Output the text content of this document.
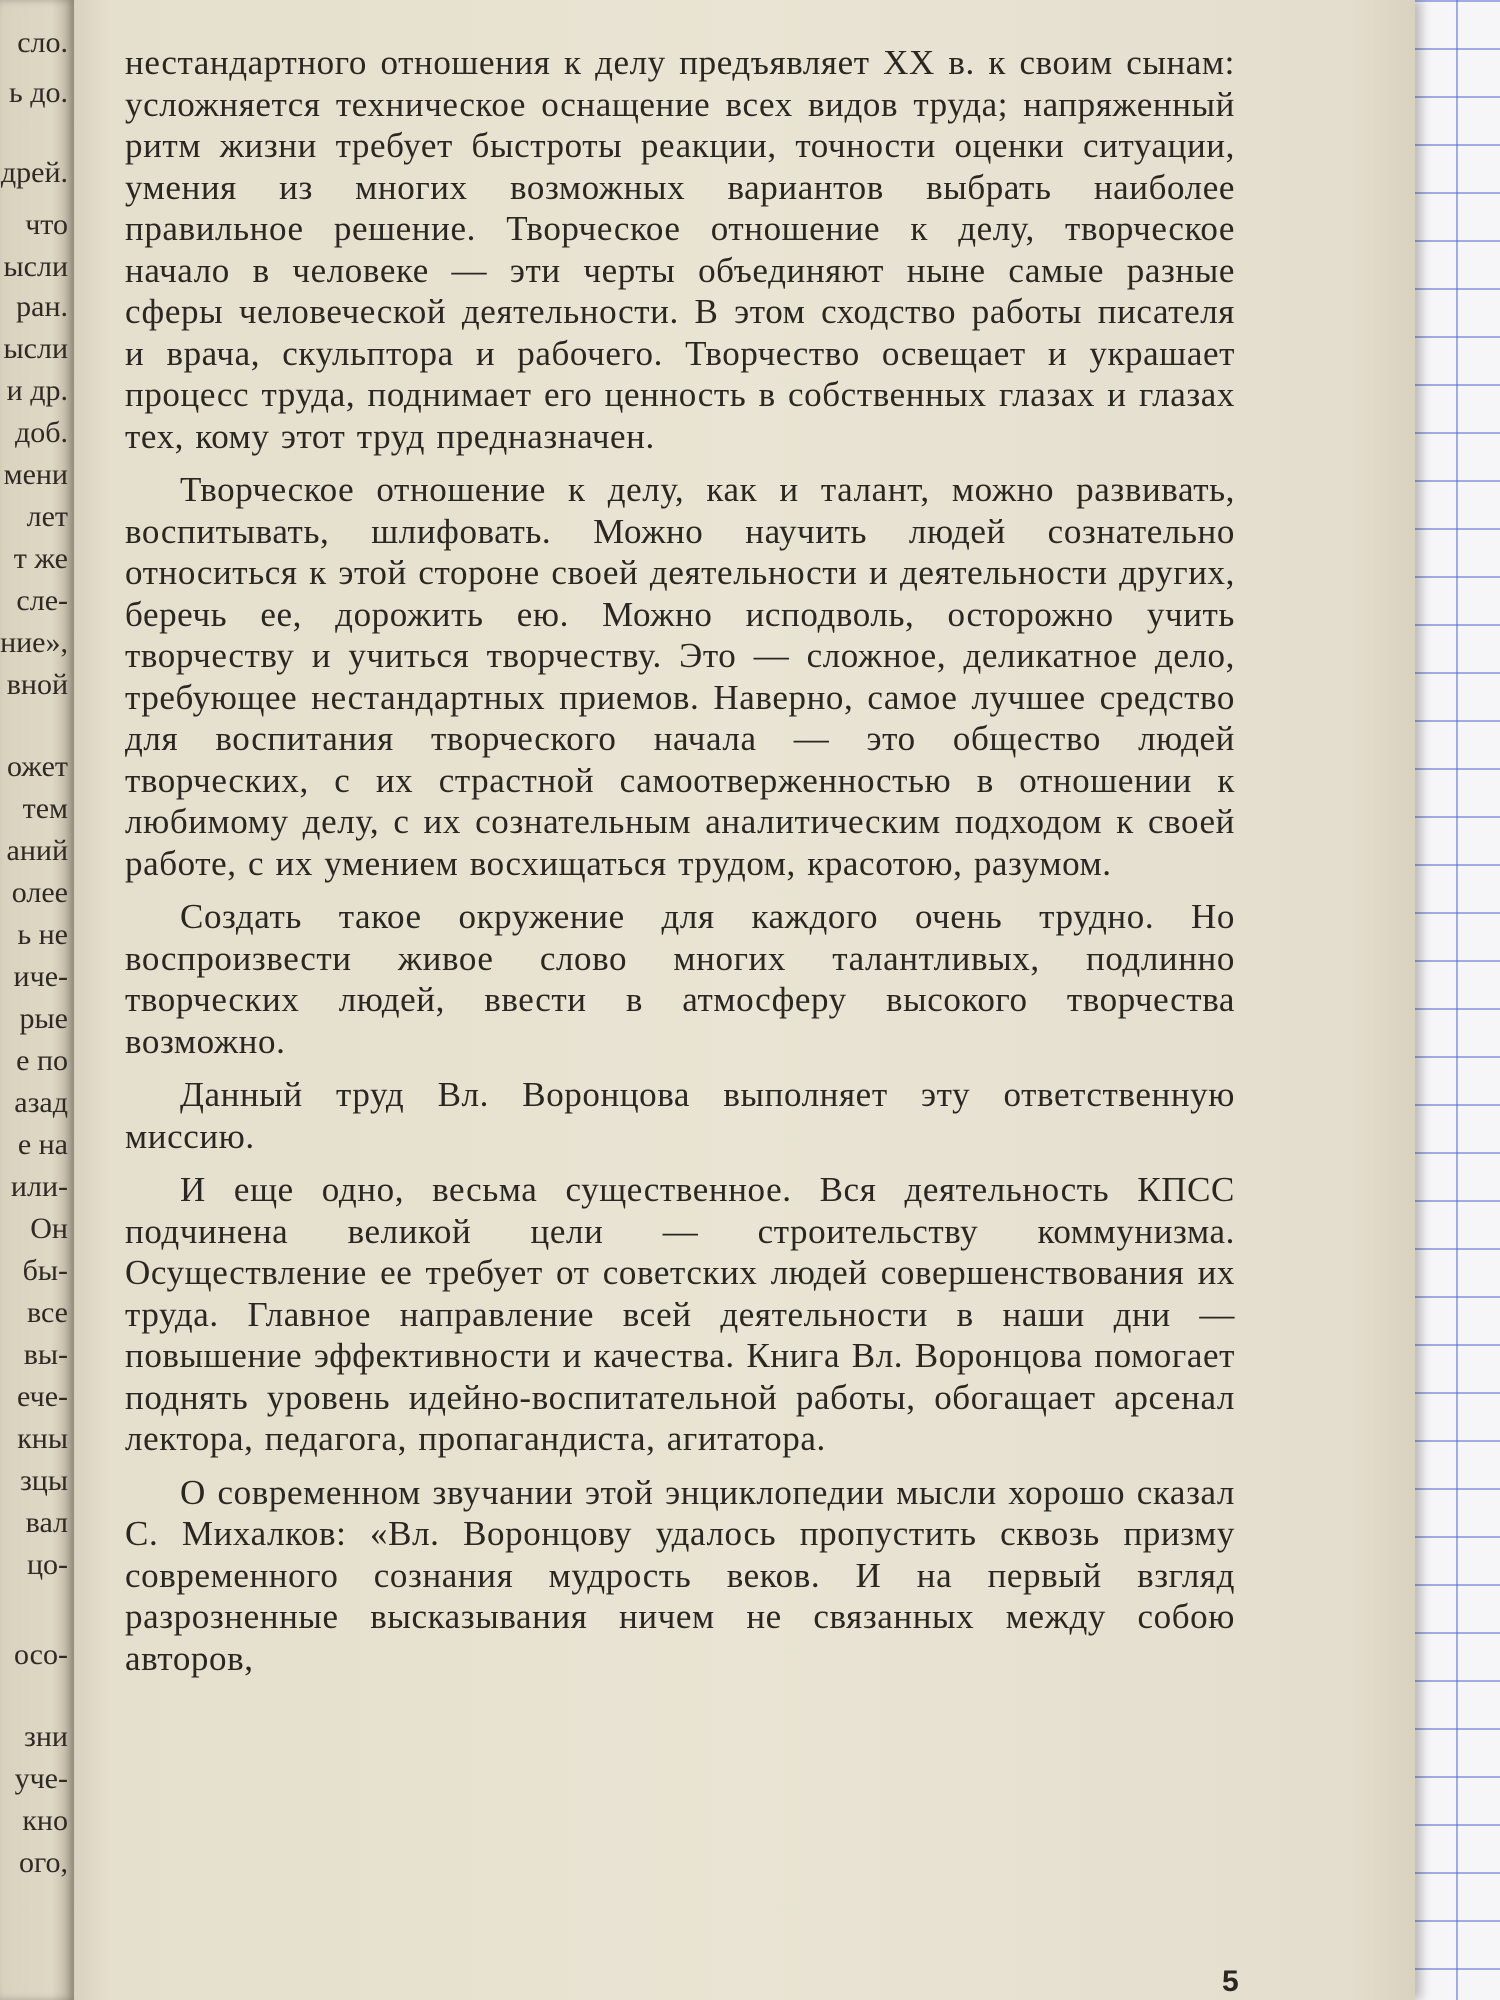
сло.
ь до.
дрей.
что
ысли
ран.
ысли
и др.
доб.
мени
лет
т же
сле-
ние»,
вной
ожет
тем
аний
олее
ь не
иче-
рые
е по
азад
е на
или-
Он
бы-
все
вы-
ече-
кны
зцы
вал
цо-
осо-
зни
уче-
кно
ого,

нестандартного отношения к делу предъявляет XX в. к своим сынам: усложняется техническое оснащение всех видов труда; напряженный ритм жизни требует быстроты реакции, точности оценки ситуации, умения из многих возможных вариантов выбрать наиболее правильное решение. Творческое отношение к делу, творческое начало в человеке — эти черты объединяют ныне самые разные сферы человеческой деятельности. В этом сходство работы писателя и врача, скульптора и рабочего. Творчество освещает и украшает процесс труда, поднимает его ценность в собственных глазах и глазах тех, кому этот труд предназначен.

Творческое отношение к делу, как и талант, можно развивать, воспитывать, шлифовать. Можно научить людей сознательно относиться к этой стороне своей деятельности и деятельности других, беречь ее, дорожить ею. Можно исподволь, осторожно учить творчеству и учиться творчеству. Это — сложное, деликатное дело, требующее нестандартных приемов. Наверно, самое лучшее средство для воспитания творческого начала — это общество людей творческих, с их страстной самоотверженностью в отношении к любимому делу, с их сознательным аналитическим подходом к своей работе, с их умением восхищаться трудом, красотою, разумом.

Создать такое окружение для каждого очень трудно. Но воспроизвести живое слово многих талантливых, подлинно творческих людей, ввести в атмосферу высокого творчества возможно.

Данный труд Вл. Воронцова выполняет эту ответственную миссию.

И еще одно, весьма существенное. Вся деятельность КПСС подчинена великой цели — строительству коммунизма. Осуществление ее требует от советских людей совершенствования их труда. Главное направление всей деятельности в наши дни — повышение эффективности и качества. Книга Вл. Воронцова помогает поднять уровень идейно-воспитательной работы, обогащает арсенал лектора, педагога, пропагандиста, агитатора.

О современном звучании этой энциклопедии мысли хорошо сказал С. Михалков: «Вл. Воронцову удалось пропустить сквозь призму современного сознания мудрость веков. И на первый взгляд разрозненные высказывания ничем не связанных между собою авторов,

5
